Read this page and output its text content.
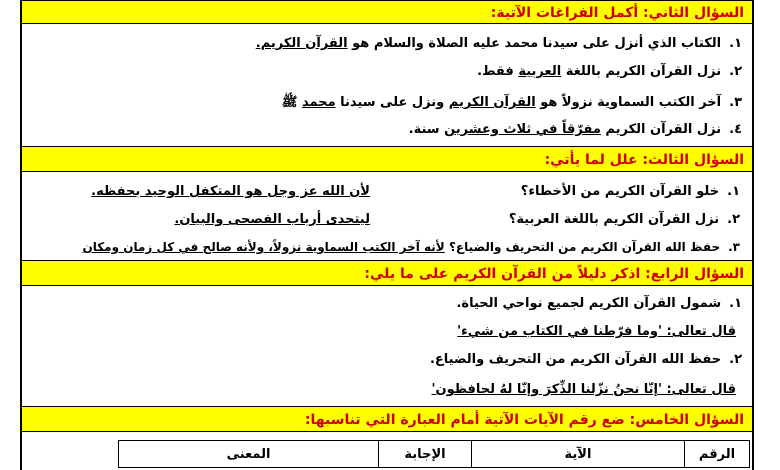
السؤال الثاني: أكمل الفراغات الآتية:
١.الكتاب الذي أنزل على سيدنا محمد عليه الصلاة والسلام هو القرآن الكريم.
٢.نزل القرآن الكريم باللغة العربية فقط.
٣.آخر الكتب السماوية نزولاً هو القرآن الكريم ونزل على سيدنا محمد ﷺ
٤.نزل القرآن الكريم مفرّقاً في ثلاث وعشرين سنة.
السؤال الثالث: علل لما يأتي:
١.خلو القرآن الكريم من الأخطاء؟
لأن الله عز وجل هو المتكفل الوحيد بحفظه.
٢.نزل القرآن الكريم باللغة العربية؟
ليتحدى أرباب الفصحى والبيان.
٣.حفظ الله القرآن الكريم من التحريف والضياع؟ لأنه آخر الكتب السماوية نزولاً، ولأنه صالح في كل زمان ومكان
السؤال الرابع: اذكر دليلاً من القرآن الكريم على ما يلي:
١.شمول القرآن الكريم لجميع نواحي الحياة.
قال تعالى: 'وما فرّطنا في الكتاب من شيء'
٢.حفظ الله القرآن الكريم من التحريف والضياع.
قال تعالى: 'إنّا نحنُ نزّلنا الذِّكرَ وإنّا لهُ لحافظون'
السؤال الخامس: ضع رقم الآيات الآتية أمام العبارة التي تناسبها:
الرقم	الآية	الإجابة	المعنى
